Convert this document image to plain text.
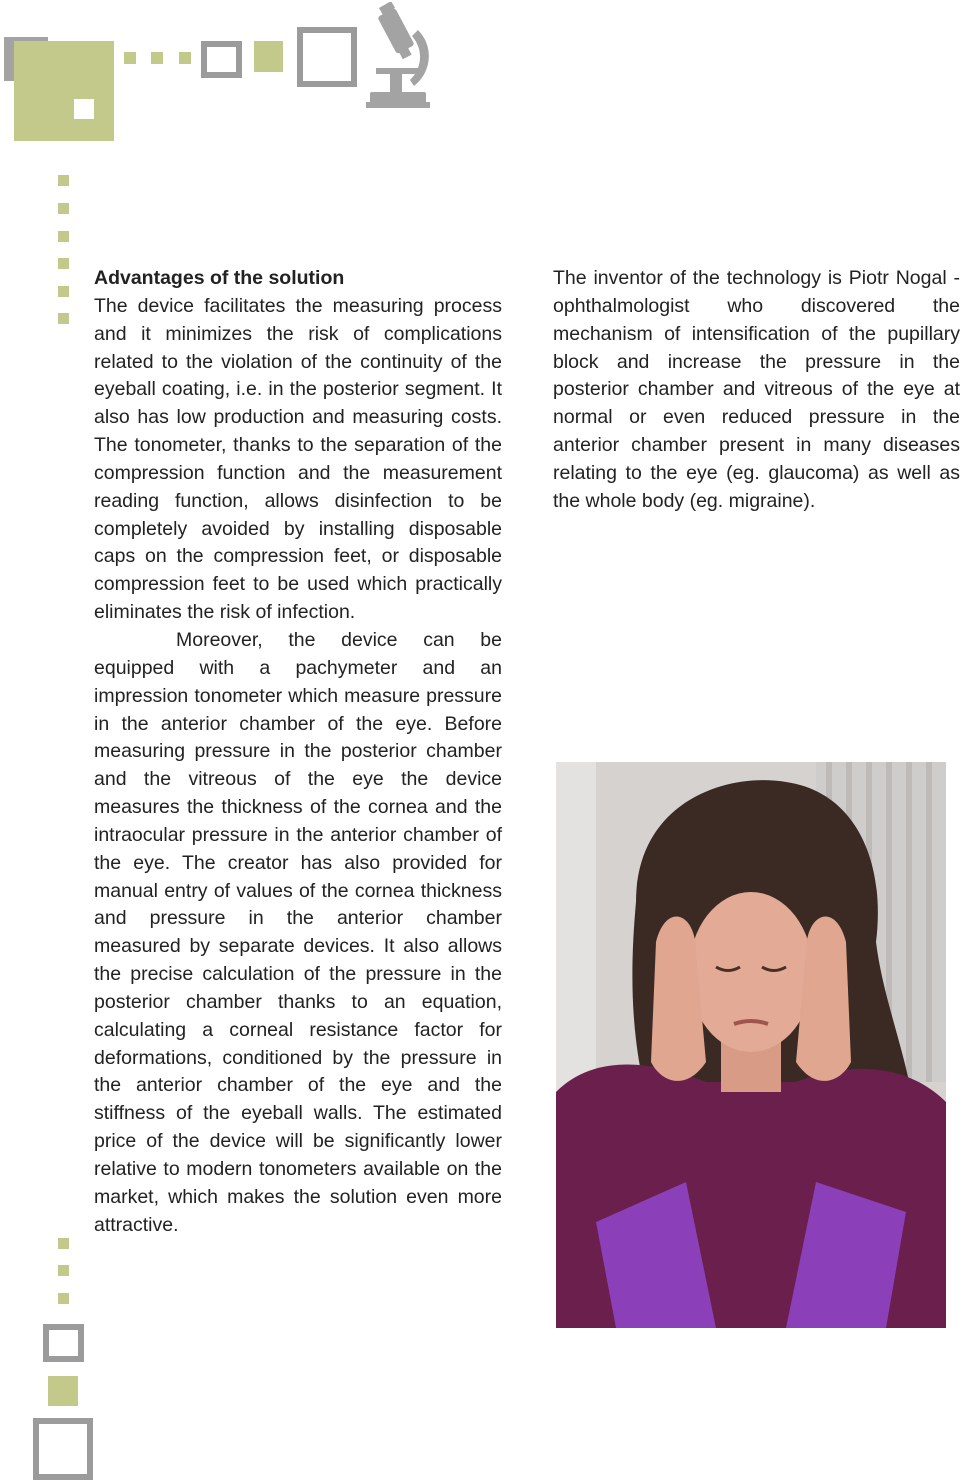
Advantages of the solution

The device facilitates the measuring process and it minimizes the risk of complications related to the violation of the continuity of the eyeball coating, i.e. in the posterior segment. It also has low production and measuring costs. The tonometer, thanks to the separation of the compression function and the measurement reading function, allows disinfection to be completely avoided by installing disposable caps on the compression feet, or disposable compression feet to be used which practically eliminates the risk of infection.

Moreover, the device can be equipped with a pachymeter and an impression tonometer which measure pressure in the anterior chamber of the eye. Before measuring pressure in the posterior chamber and the vitreous of the eye the device measures the thickness of the cornea and the intraocular pressure in the anterior chamber of the eye. The creator has also provided for manual entry of values of the cornea thickness and pressure in the anterior chamber measured by separate devices. It also allows the precise calculation of the pressure in the posterior chamber thanks to an equation, calculating a corneal resistance factor for deformations, conditioned by the pressure in the anterior chamber of the eye and the stiffness of the eyeball walls. The estimated price of the device will be significantly lower relative to modern tonometers available on the market, which makes the solution even more attractive.

The inventor of the technology is Piotr Nogal - ophthalmologist who discovered the mechanism of intensification of the pupillary block and increase the pressure in the posterior chamber and vitreous of the eye at normal or even reduced pressure in the anterior chamber present in many diseases relating to the eye (eg. glaucoma) as well as the whole body (eg. migraine).
